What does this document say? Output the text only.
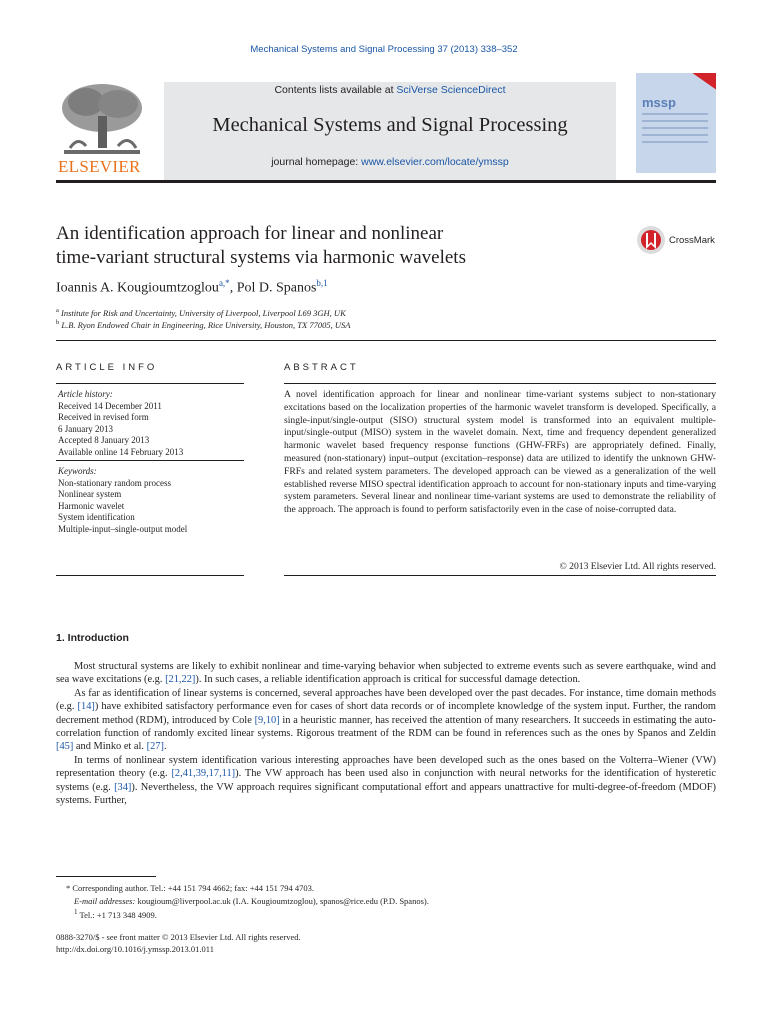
Mechanical Systems and Signal Processing 37 (2013) 338–352
Contents lists available at SciVerse ScienceDirect
Mechanical Systems and Signal Processing
journal homepage: www.elsevier.com/locate/ymssp
ELSEVIER
mssp
An identification approach for linear and nonlinear
time-variant structural systems via harmonic wavelets
CrossMark
Ioannis A. Kougioumtzoglou$^{a,*}$, Pol D. Spanos$^{b,1}$
$^a$ Institute for Risk and Uncertainty, University of Liverpool, Liverpool L69 3GH, UK
$^b$ L.B. Ryon Endowed Chair in Engineering, Rice University, Houston, TX 77005, USA
ARTICLE INFO	ABSTRACT
Article history:
Received 14 December 2011
Received in revised form
6 January 2013
Accepted 8 January 2013
Available online 14 February 2013
Keywords:
Non-stationary random process
Nonlinear system
Harmonic wavelet
System identification
Multiple-input–single-output model
A novel identification approach for linear and nonlinear time-variant systems subject to non-stationary excitations based on the localization properties of the harmonic wavelet transform is developed. Specifically, a single-input/single-output (SISO) structural system model is transformed into an equivalent multiple-input/single-output (MISO) system in the wavelet domain. Next, time and frequency dependent generalized harmonic wavelet based frequency response functions (GHW-FRFs) are appropriately defined. Finally, measured (non-stationary) input–output (excitation–response) data are utilized to identify the unknown GHW-FRFs and related system parameters. The developed approach can be viewed as a generalization of the well established reverse MISO spectral identification approach to account for non-stationary inputs and time-varying system parameters. Several linear and nonlinear time-variant systems are used to demonstrate the reliability of the approach. The approach is found to perform satisfactorily even in the case of noise-corrupted data.
© 2013 Elsevier Ltd. All rights reserved.
1. Introduction

Most structural systems are likely to exhibit nonlinear and time-varying behavior when subjected to extreme events such as severe earthquake, wind and sea wave excitations (e.g. [21,22]). In such cases, a reliable identification approach is critical for successful damage detection.

As far as identification of linear systems is concerned, several approaches have been developed over the past decades. For instance, time domain methods (e.g. [14]) have exhibited satisfactory performance even for cases of short data records or of incomplete knowledge of the system input. Further, the random decrement method (RDM), introduced by Cole [9,10] in a heuristic manner, has received the attention of many researchers. It succeeds in estimating the auto-correlation function of randomly excited linear systems. Rigorous treatment of the RDM can be found in references such as the ones by Spanos and Zeldin [45] and Minko et al. [27].

In terms of nonlinear system identification various interesting approaches have been developed such as the ones based on the Volterra–Wiener (VW) representation theory (e.g. [2,41,39,17,11]). The VW approach has been used also in conjunction with neural networks for the identification of hysteretic systems (e.g. [34]). Nevertheless, the VW approach requires significant computational effort and appears unattractive for multi-degree-of-freedom (MDOF) systems. Further,

* Corresponding author. Tel.: +44 151 794 4662; fax: +44 151 794 4703.
E-mail addresses: kougioum@liverpool.ac.uk (I.A. Kougioumtzoglou), spanos@rice.edu (P.D. Spanos).
$^1$ Tel.: +1 713 348 4909.
0888-3270/$ - see front matter © 2013 Elsevier Ltd. All rights reserved.
http://dx.doi.org/10.1016/j.ymssp.2013.01.011
